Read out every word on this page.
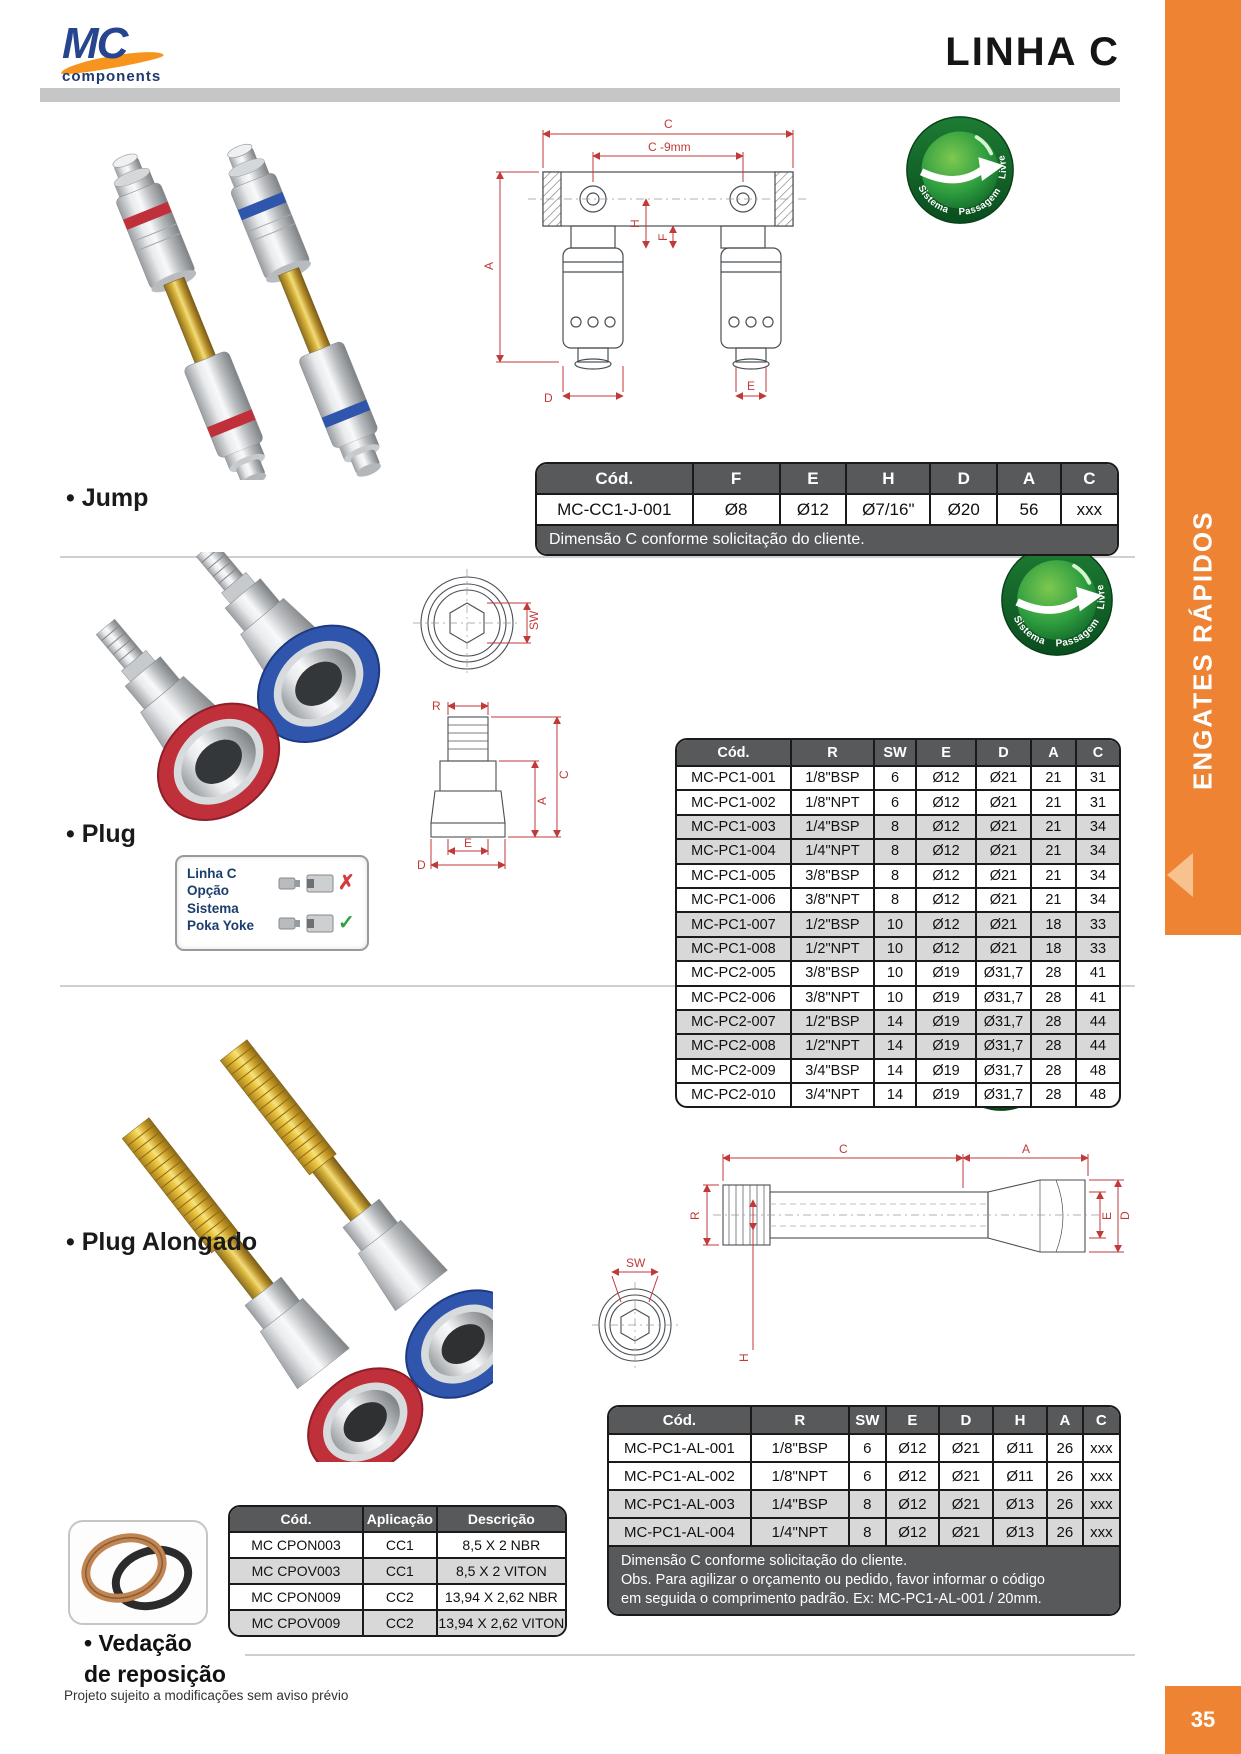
MC
components
LINHA C
ENGATES RÁPIDOS
35
C
C -9mm
A
H
F
D
E
Cód.	F	E	H	D	A	C
MC-CC1-J-001	Ø8	Ø12	Ø7/16"	Ø20	56	xxx
Dimensão C conforme solicitação do cliente.
• Jump
SW
R
C
A
E
D
Cód.	R	SW	E	D	A	C
MC-PC1-001	1/8"BSP	6	Ø12	Ø21	21	31
MC-PC1-002	1/8"NPT	6	Ø12	Ø21	21	31
MC-PC1-003	1/4"BSP	8	Ø12	Ø21	21	34
MC-PC1-004	1/4"NPT	8	Ø12	Ø21	21	34
MC-PC1-005	3/8"BSP	8	Ø12	Ø21	21	34
MC-PC1-006	3/8"NPT	8	Ø12	Ø21	21	34
MC-PC1-007	1/2"BSP	10	Ø12	Ø21	18	33
MC-PC1-008	1/2"NPT	10	Ø12	Ø21	18	33
MC-PC2-005	3/8"BSP	10	Ø19	Ø31,7	28	41
MC-PC2-006	3/8"NPT	10	Ø19	Ø31,7	28	41
MC-PC2-007	1/2"BSP	14	Ø19	Ø31,7	28	44
MC-PC2-008	1/2"NPT	14	Ø19	Ø31,7	28	44
MC-PC2-009	3/4"BSP	14	Ø19	Ø31,7	28	48
MC-PC2-010	3/4"NPT	14	Ø19	Ø31,7	28	48
• Plug
Linha C
Opção
Sistema
Poka Yoke
✗
✓
SW
R
C	A
E D
H
• Plug Alongado
Cód.	R	SW	E	D	H	A	C
MC-PC1-AL-001	1/8"BSP	6	Ø12	Ø21	Ø11	26	xxx
MC-PC1-AL-002	1/8"NPT	6	Ø12	Ø21	Ø11	26	xxx
MC-PC1-AL-003	1/4"BSP	8	Ø12	Ø21	Ø13	26	xxx
MC-PC1-AL-004	1/4"NPT	8	Ø12	Ø21	Ø13	26	xxx
Dimensão C conforme solicitação do cliente.
Obs. Para agilizar o orçamento ou pedido, favor informar o código
em seguida o comprimento padrão. Ex: MC-PC1-AL-001 / 20mm.
Cód.	Aplicação	Descrição
MC CPON003	CC1	8,5 X 2 NBR
MC CPOV003	CC1	8,5 X 2 VITON
MC CPON009	CC2	13,94 X 2,62 NBR
MC CPOV009	CC2	13,94 X 2,62 VITON
• Vedação
de reposição
Projeto sujeito a modificações sem aviso prévio
